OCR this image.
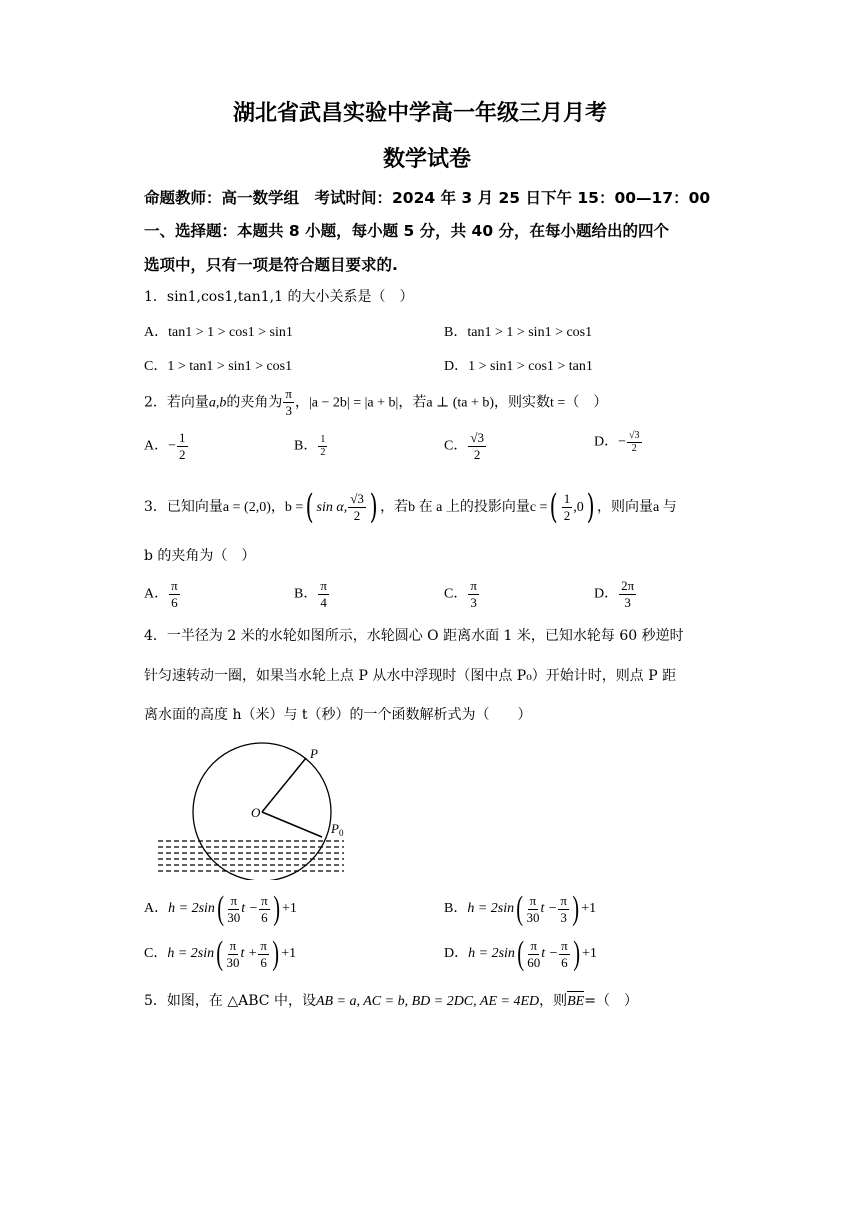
湖北省武昌实验中学高一年级三月月考
数学试卷
命题教师：高一数学组　考试时间：2024 年 3 月 25 日下午 15：00—17：00
一、选择题：本题共 8 小题，每小题 5 分，共 40 分，在每小题给出的四个
选项中，只有一项是符合题目要求的.
1．sin1,cos1,tan1,1 的大小关系是（　）
A．tan1 > 1 > cos1 > sin1	B．tan1 > 1 > sin1 > cos1
C．1 > tan1 > sin1 > cos1	D．1 > sin1 > cos1 > tan1
2．若向量a,b的夹角为 $\frac{\pi}{3}$ ，|a − 2b| = |a + b|，若a ⊥ (ta + b)，则实数t =（　）
A．− $\frac{1}{2}$	B． $\frac{1}{2}$	C． $\frac{√3}{2}$	D．− $\frac{√3}{2}$
3．已知向量a = (2,0)，b =( sin α, $\frac{√3}{2}$ ) ，若b 在 a 上的投影向量c =( $\frac{1}{2} ,0$) ，则向量a 与
b 的夹角为（　）
A． $\frac{\pi}{6}$	B． $\frac{\pi}{4}$	C． $\frac{\pi}{3}$	D． $\frac{2\pi}{3}$
4．一半径为 2 米的水轮如图所示，水轮圆心 O 距离水面 1 米，已知水轮每 60 秒逆时
针匀速转动一圈，如果当水轮上点 P 从水中浮现时（图中点 P₀）开始计时，则点 P 距
离水面的高度 h（米）与 t（秒）的一个函数解析式为（　　）
P
O
P 0
A．$h = 2\sin( \frac{\pi}{30}$ $t - \frac{\pi}{6}$ ) +1	B．$h = 2\sin( \frac{\pi}{30}$ $t - \frac{\pi}{3}$ ) +1
C．$h = 2\sin( \frac{\pi}{30}$ $t + \frac{\pi}{6}$ ) +1	D．$h = 2\sin( \frac{\pi}{60}$ $t - \frac{\pi}{6}$ ) +1
5．如图，在 △ABC 中，设AB = a, AC = b, BD = 2DC, AE = 4ED，则BE=（　）
